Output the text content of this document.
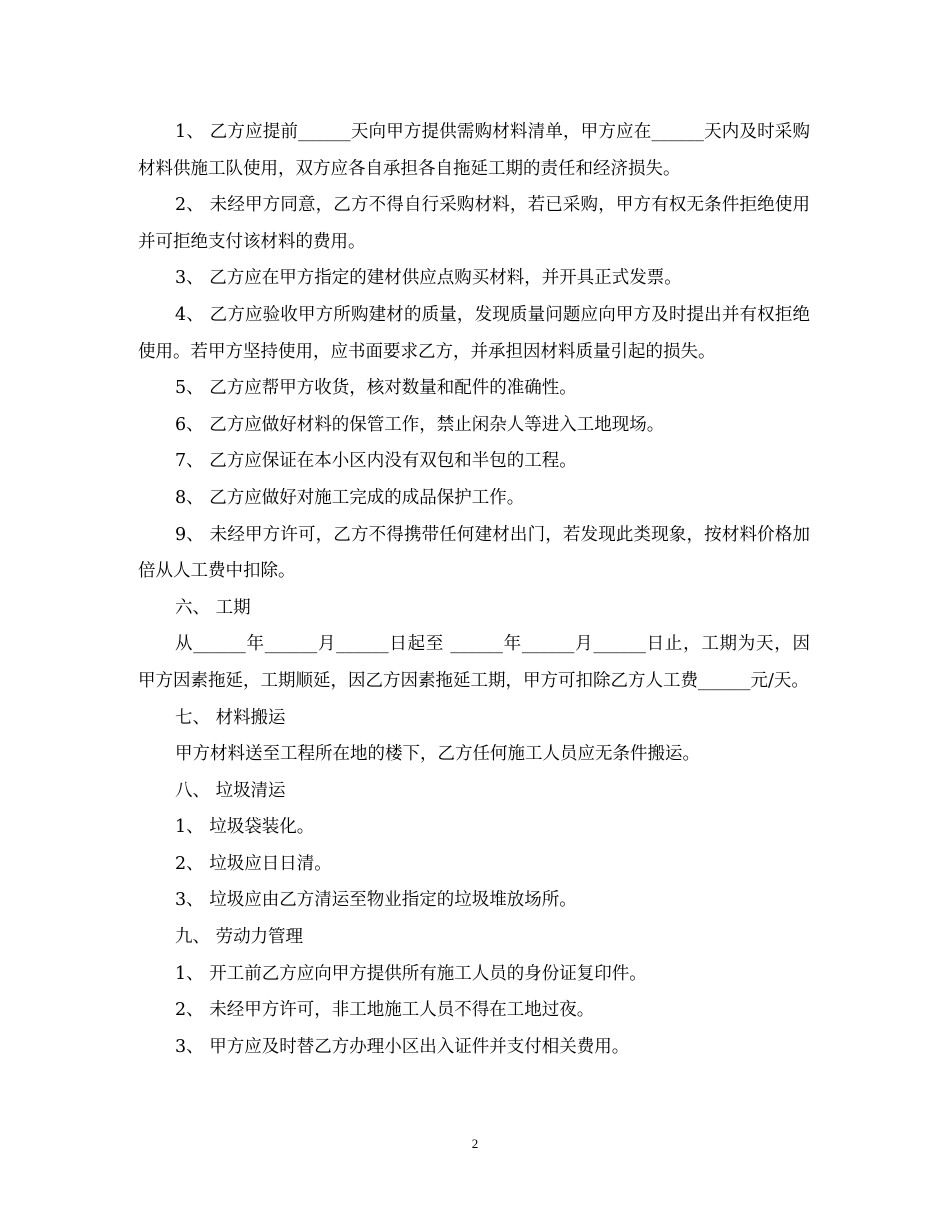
1、 乙方应提前______天向甲方提供需购材料清单，甲方应在______天内及时采购材料供施工队使用，双方应各自承担各自拖延工期的责任和经济损失。

2、 未经甲方同意，乙方不得自行采购材料，若已采购，甲方有权无条件拒绝使用并可拒绝支付该材料的费用。

3、 乙方应在甲方指定的建材供应点购买材料，并开具正式发票。

4、 乙方应验收甲方所购建材的质量，发现质量问题应向甲方及时提出并有权拒绝使用。若甲方坚持使用，应书面要求乙方，并承担因材料质量引起的损失。

5、 乙方应帮甲方收货，核对数量和配件的准确性。

6、 乙方应做好材料的保管工作，禁止闲杂人等进入工地现场。

7、 乙方应保证在本小区内没有双包和半包的工程。

8、 乙方应做好对施工完成的成品保护工作。

9、 未经甲方许可，乙方不得携带任何建材出门，若发现此类现象，按材料价格加倍从人工费中扣除。

六、 工期

从______年______月______日起至 ______年______月______日止，工期为天，因甲方因素拖延，工期顺延，因乙方因素拖延工期，甲方可扣除乙方人工费______元/天。

七、 材料搬运

甲方材料送至工程所在地的楼下，乙方任何施工人员应无条件搬运。

八、 垃圾清运

1、 垃圾袋装化。

2、 垃圾应日日清。

3、 垃圾应由乙方清运至物业指定的垃圾堆放场所。

九、 劳动力管理

1、 开工前乙方应向甲方提供所有施工人员的身份证复印件。

2、 未经甲方许可，非工地施工人员不得在工地过夜。

3、 甲方应及时替乙方办理小区出入证件并支付相关费用。

2
